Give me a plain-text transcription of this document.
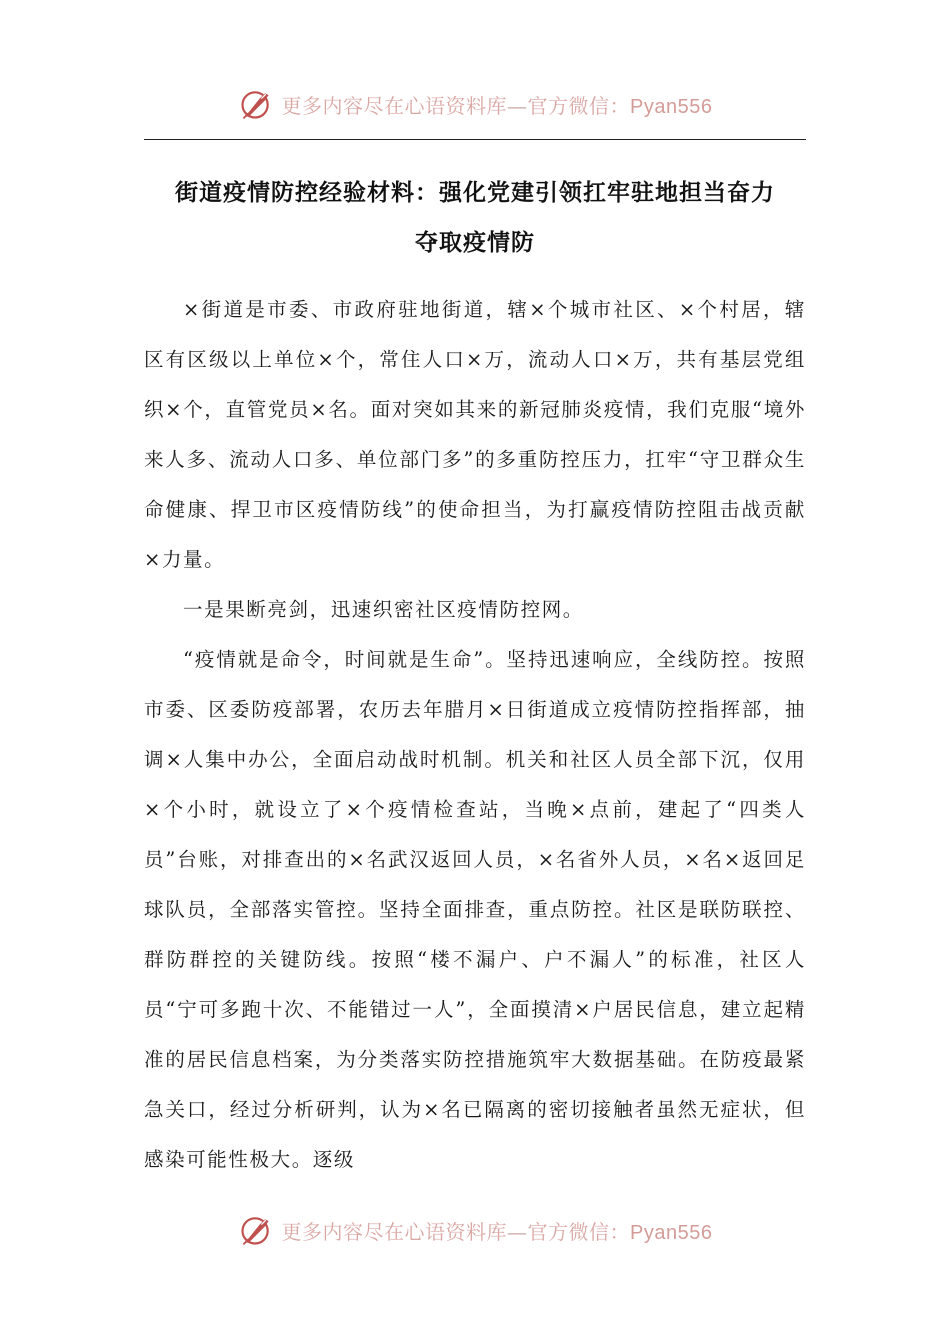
更多内容尽在心语资料库—官方微信：Pyan556
街道疫情防控经验材料：强化党建引领扛牢驻地担当奋力
夺取疫情防

×街道是市委、市政府驻地街道，辖×个城市社区、×个村居，辖区有区级以上单位×个，常住人口×万，流动人口×万，共有基层党组织×个，直管党员×名。面对突如其来的新冠肺炎疫情，我们克服“境外来人多、流动人口多、单位部门多”的多重防控压力，扛牢“守卫群众生命健康、捍卫市区疫情防线”的使命担当，为打赢疫情防控阻击战贡献×力量。

一是果断亮剑，迅速织密社区疫情防控网。

“疫情就是命令，时间就是生命”。坚持迅速响应，全线防控。按照市委、区委防疫部署，农历去年腊月×日街道成立疫情防控指挥部，抽调×人集中办公，全面启动战时机制。机关和社区人员全部下沉，仅用×个小时，就设立了×个疫情检查站，当晚×点前，建起了“四类人员”台账，对排查出的×名武汉返回人员，×名省外人员，×名×返回足球队员，全部落实管控。坚持全面排查，重点防控。社区是联防联控、群防群控的关键防线。按照“楼不漏户、户不漏人”的标准，社区人员“宁可多跑十次、不能错过一人”，全面摸清×户居民信息，建立起精准的居民信息档案，为分类落实防控措施筑牢大数据基础。在防疫最紧急关口，经过分析研判，认为×名已隔离的密切接触者虽然无症状，但感染可能性极大。逐级

更多内容尽在心语资料库—官方微信：Pyan556
